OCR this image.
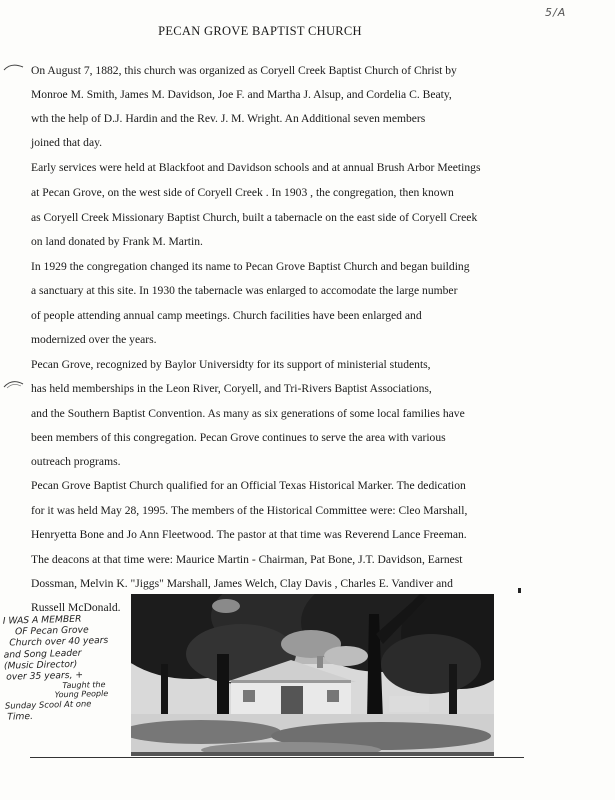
5/A
PECAN GROVE BAPTIST CHURCH
On August 7, 1882, this church was organized as Coryell Creek Baptist Church of Christ by
Monroe M. Smith, James M. Davidson, Joe F. and Martha J. Alsup, and Cordelia C. Beaty,
wth the help of D.J. Hardin and the Rev. J. M. Wright. An Additional seven members
joined that day.
Early services were held at Blackfoot and Davidson schools and at annual Brush Arbor Meetings
at Pecan Grove, on the west side of Coryell Creek . In 1903 , the congregation, then known
as Coryell Creek Missionary Baptist Church, built a tabernacle on the east side of Coryell Creek
on land donated by Frank M. Martin.
In 1929 the congregation changed its name to Pecan Grove Baptist Church and began building
a sanctuary at this site. In 1930 the tabernacle was enlarged to accomodate the large number
of people attending annual camp meetings. Church facilities have been enlarged and
modernized over the years.
Pecan Grove, recognized by Baylor Universidty for its support of ministerial students,
has held memberships in the Leon River, Coryell, and Tri-Rivers Baptist Associations,
and the Southern Baptist Convention. As many as six generations of some local families have
been members of this congregation. Pecan Grove continues to serve the area with various
outreach programs.
Pecan Grove Baptist Church qualified for an Official Texas Historical Marker. The dedication
for it was held May 28, 1995. The members of the Historical Committee were: Cleo Marshall,
Henryetta Bone and Jo Ann Fleetwood. The pastor at that time was Reverend Lance Freeman.
The deacons at that time were: Maurice Martin - Chairman, Pat Bone, J.T. Davidson, Earnest
Dossman, Melvin K. "Jiggs" Marshall, James Welch, Clay Davis , Charles E. Vandiver and
Russell McDonald.
I WAS A MEMBER
OF Pecan Grove
Church over 40 years
and Song Leader
(Music Director)
over 35 years, +
Taught the
Young People
Sunday Scool At one
Time.
